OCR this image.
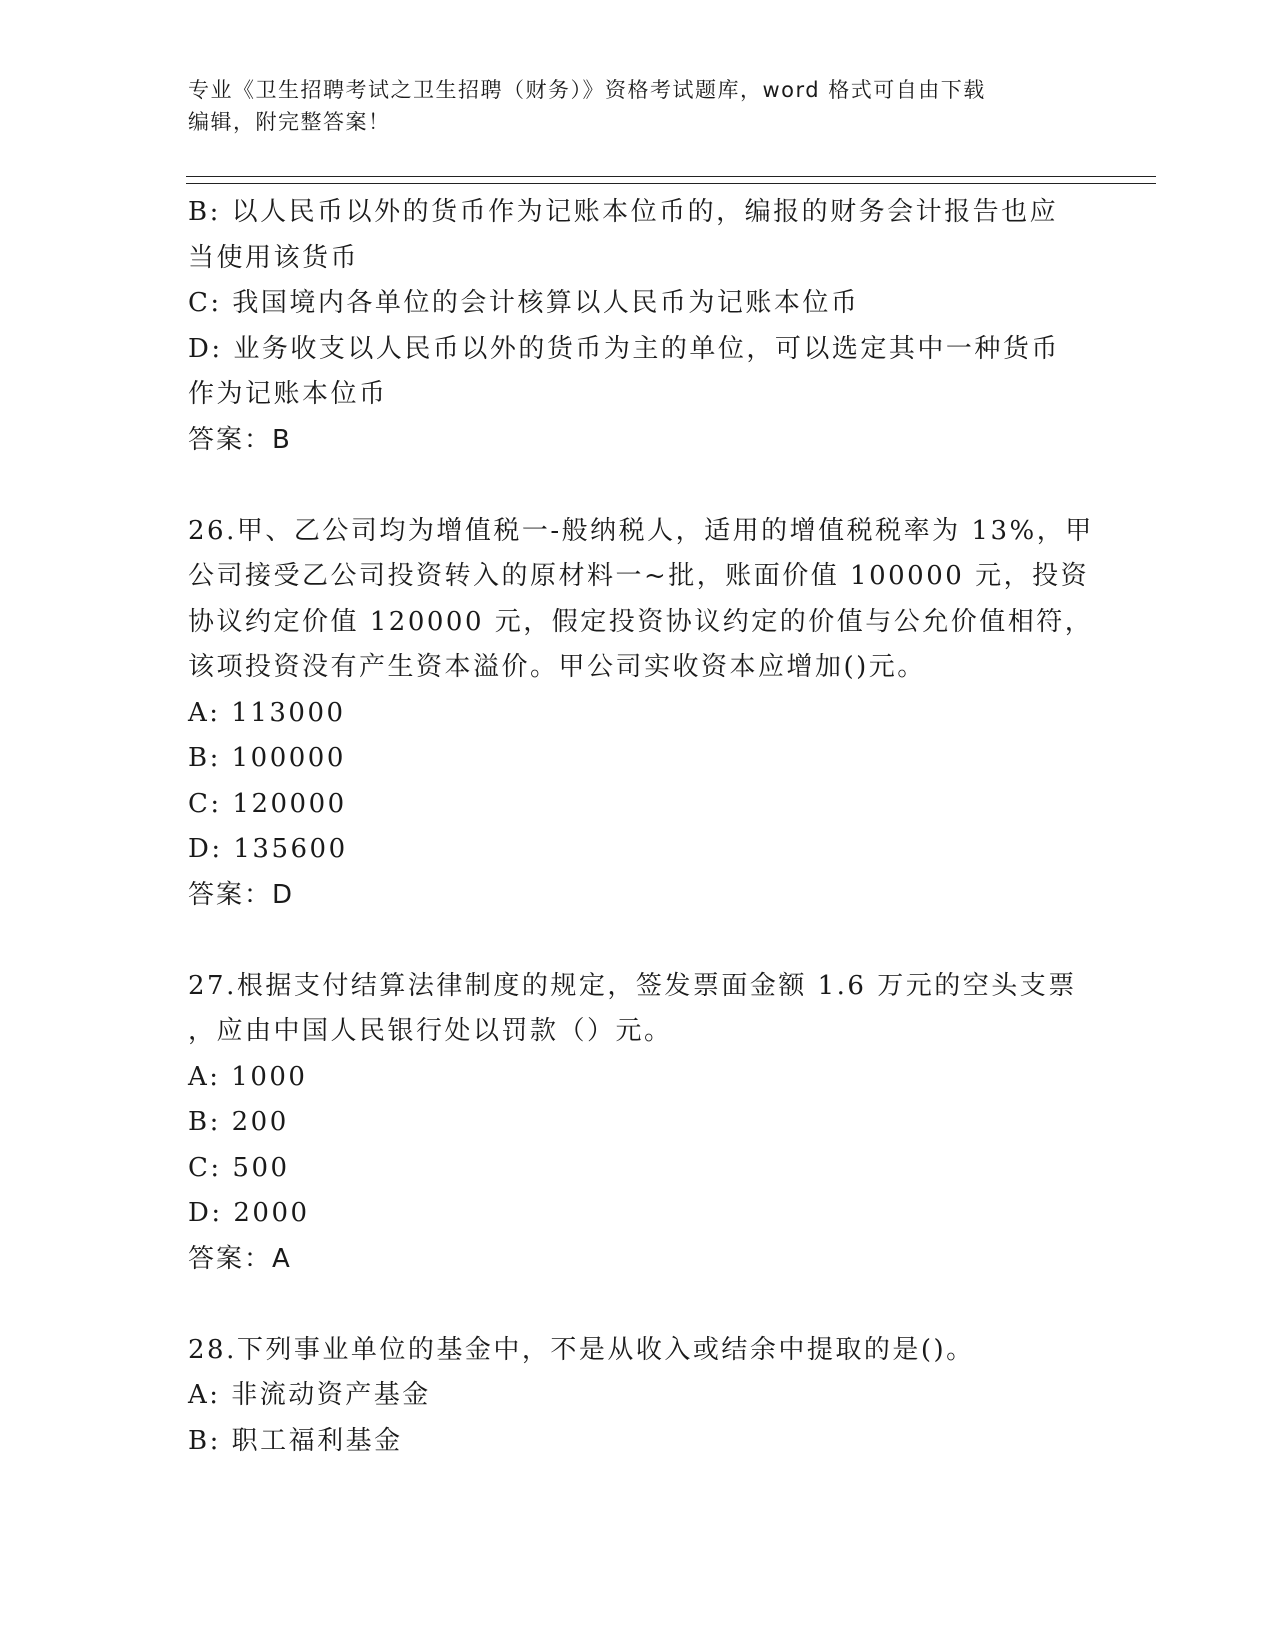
专业《卫生招聘考试之卫生招聘（财务）》资格考试题库，word 格式可自由下载
编辑，附完整答案！
B: 以人民币以外的货币作为记账本位币的，编报的财务会计报告也应
当使用该货币
C: 我国境内各单位的会计核算以人民币为记账本位币
D: 业务收支以人民币以外的货币为主的单位，可以选定其中一种货币
作为记账本位币
答案：B
26.甲、乙公司均为增值税一-般纳税人，适用的增值税税率为 13%，甲
公司接受乙公司投资转入的原材料一~批，账面价值 100000 元，投资
协议约定价值 120000 元，假定投资协议约定的价值与公允价值相符，
该项投资没有产生资本溢价。甲公司实收资本应增加()元。
A: 113000
B: 100000
C: 120000
D: 135600
答案：D
27.根据支付结算法律制度的规定，签发票面金额 1.6 万元的空头支票
，应由中国人民银行处以罚款（）元。
A: 1000
B: 200
C: 500
D: 2000
答案：A
28.下列事业单位的基金中，不是从收入或结余中提取的是()。
A: 非流动资产基金
B: 职工福利基金
